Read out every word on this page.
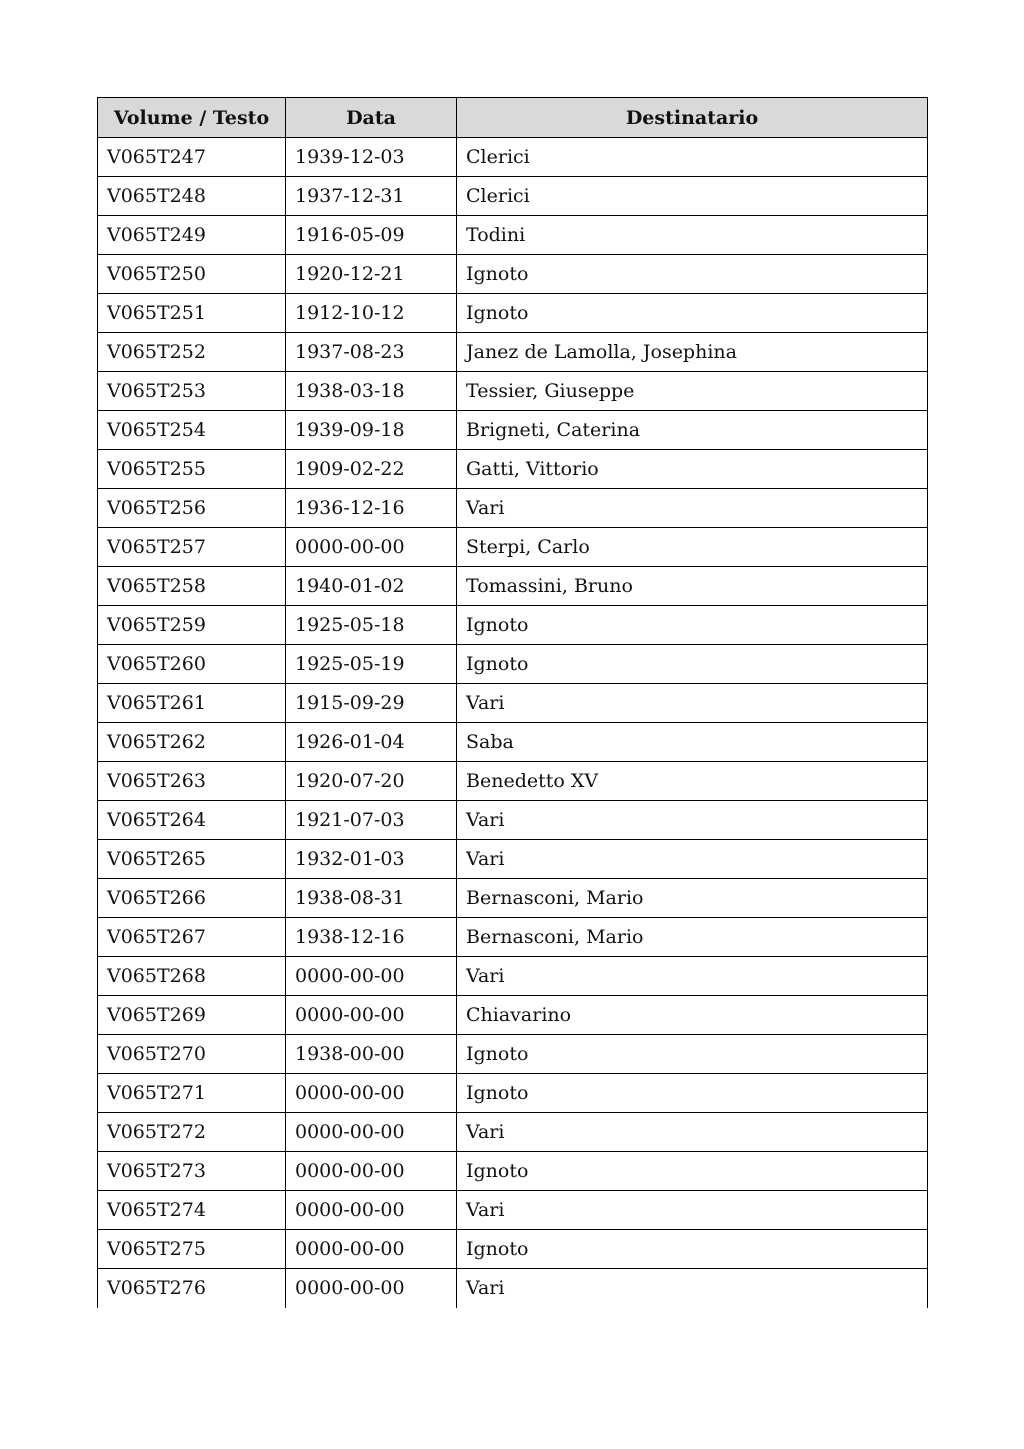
Volume / Testo	Data	Destinatario
V065T247	1939-12-03	Clerici
V065T248	1937-12-31	Clerici
V065T249	1916-05-09	Todini
V065T250	1920-12-21	Ignoto
V065T251	1912-10-12	Ignoto
V065T252	1937-08-23	Janez de Lamolla, Josephina
V065T253	1938-03-18	Tessier, Giuseppe
V065T254	1939-09-18	Brigneti, Caterina
V065T255	1909-02-22	Gatti, Vittorio
V065T256	1936-12-16	Vari
V065T257	0000-00-00	Sterpi, Carlo
V065T258	1940-01-02	Tomassini, Bruno
V065T259	1925-05-18	Ignoto
V065T260	1925-05-19	Ignoto
V065T261	1915-09-29	Vari
V065T262	1926-01-04	Saba
V065T263	1920-07-20	Benedetto XV
V065T264	1921-07-03	Vari
V065T265	1932-01-03	Vari
V065T266	1938-08-31	Bernasconi, Mario
V065T267	1938-12-16	Bernasconi, Mario
V065T268	0000-00-00	Vari
V065T269	0000-00-00	Chiavarino
V065T270	1938-00-00	Ignoto
V065T271	0000-00-00	Ignoto
V065T272	0000-00-00	Vari
V065T273	0000-00-00	Ignoto
V065T274	0000-00-00	Vari
V065T275	0000-00-00	Ignoto
V065T276	0000-00-00	Vari
